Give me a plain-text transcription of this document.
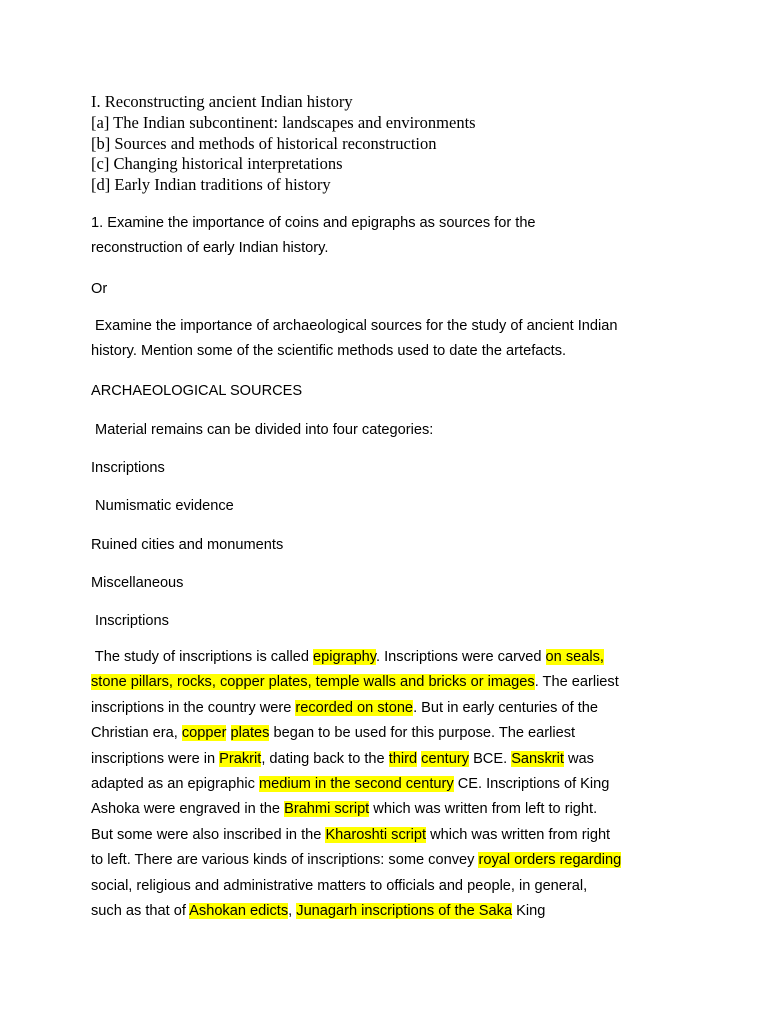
I. Reconstructing ancient Indian history
[a] The Indian subcontinent: landscapes and environments
[b] Sources and methods of historical reconstruction
[c] Changing historical interpretations
[d] Early Indian traditions of history
1. Examine the importance of coins and epigraphs as sources for the
reconstruction of early Indian history.
Or
Examine the importance of archaeological sources for the study of ancient Indian
history. Mention some of the scientific methods used to date the artefacts.
ARCHAEOLOGICAL SOURCES
Material remains can be divided into four categories:
Inscriptions
Numismatic evidence
Ruined cities and monuments
Miscellaneous
Inscriptions
The study of inscriptions is called epigraphy. Inscriptions were carved on seals,
stone pillars, rocks, copper plates, temple walls and bricks or images. The earliest
inscriptions in the country were recorded on stone. But in early centuries of the
Christian era, copper plates began to be used for this purpose. The earliest
inscriptions were in Prakrit, dating back to the third century BCE. Sanskrit was
adapted as an epigraphic medium in the second century CE. Inscriptions of King
Ashoka were engraved in the Brahmi script which was written from left to right.
But some were also inscribed in the Kharoshti script which was written from right
to left. There are various kinds of inscriptions: some convey royal orders regarding
social, religious and administrative matters to officials and people, in general,
such as that of Ashokan edicts, Junagarh inscriptions of the Saka King
